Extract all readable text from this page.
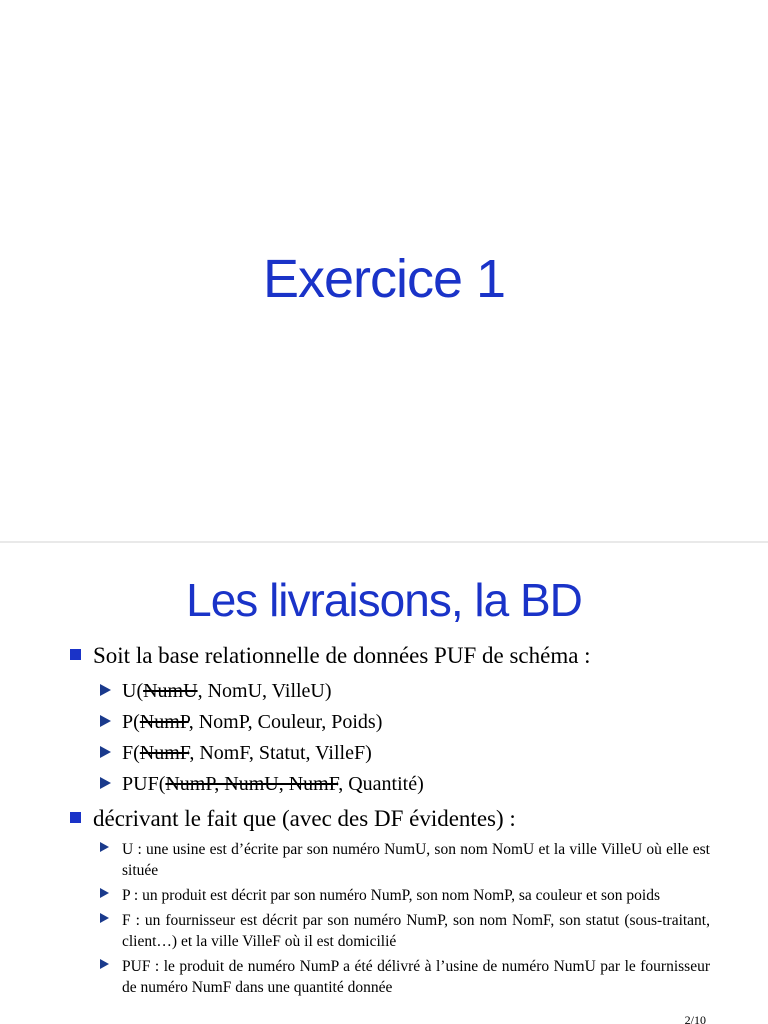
Exercice 1
Les livraisons, la BD
Soit la base relationnelle de données PUF de schéma :
U(NumU, NomU, VilleU)
P(NumP, NomP, Couleur, Poids)
F(NumF, NomF, Statut, VilleF)
PUF(NumP, NumU, NumF, Quantité)
décrivant le fait que (avec des DF évidentes) :
U : une usine est d’écrite par son numéro NumU, son nom NomU et la ville VilleU où elle est située
P : un produit est décrit par son numéro NumP, son nom NomP, sa couleur et son poids
F : un fournisseur est décrit par son numéro NumP, son nom NomF, son statut (sous-traitant, client…) et la ville VilleF où il est domicilié
PUF : le produit de numéro NumP a été délivré à l’usine de numéro NumU par le fournisseur de numéro NumF dans une quantité donnée
2/10
